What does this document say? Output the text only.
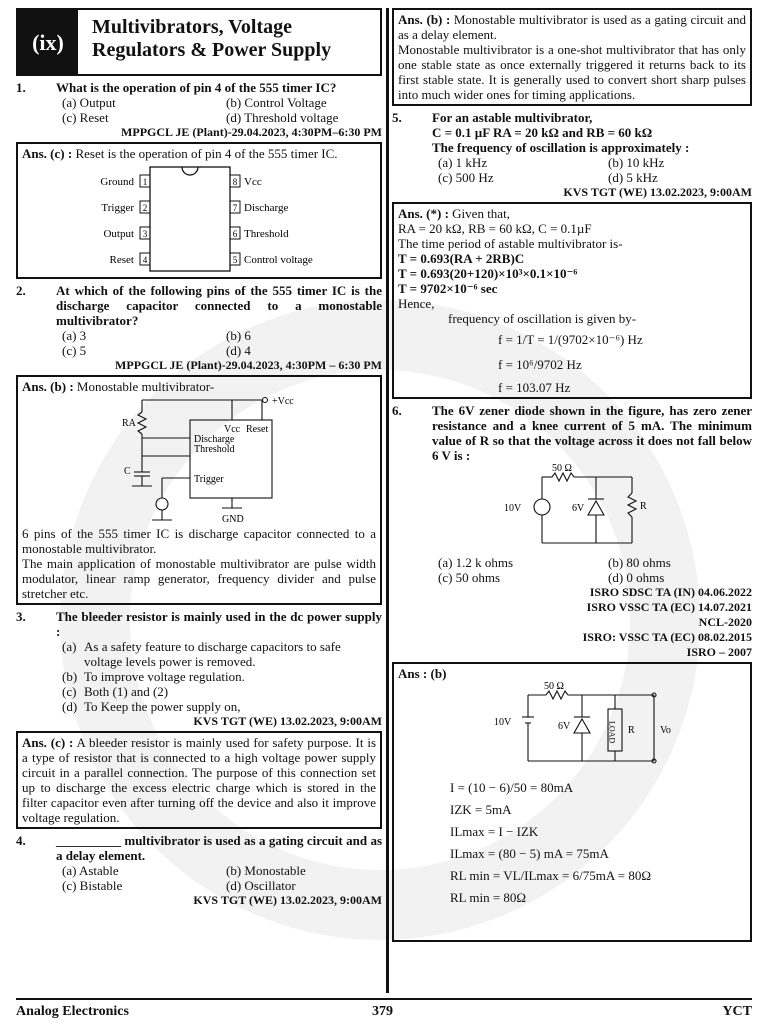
(ix)
Multivibrators, Voltage
Regulators & Power Supply
1.	What is the operation of pin 4 of the 555 timer IC?
(a) Output	(b) Control Voltage
(c) Reset	(d) Threshold voltage
MPPGCL JE (Plant)-29.04.2023, 4:30PM–6:30 PM
Ans. (c) : Reset is the operation of pin 4 of the 555 timer IC.
Ground
Trigger
Output
Reset
1
2
3
4
8
7
6
5
Vcc
Discharge
Threshold
Control voltage
2.	At which of the following pins of the 555 timer IC is the discharge capacitor connected to a monostable multivibrator?
(a) 3	(b) 6
(c) 5	(d) 4
MPPGCL JE (Plant)-29.04.2023, 4:30PM – 6:30 PM
Ans. (b) : Monostable multivibrator-
+Vcc
RA
C
Vcc Reset
Discharge
Threshold
Trigger
GND
6 pins of the 555 timer IC is discharge capacitor connected to a monostable multivibrator.
The main application of monostable multivibrator are pulse width modulator, linear ramp generator, frequency divider and pulse stretcher etc.
3.	The bleeder resistor is mainly used in the dc power supply :
(a) As a safety feature to discharge capacitors to safe voltage levels power is removed.
(b) To improve voltage regulation.
(c) Both (1) and (2)
(d) To Keep the power supply on,
KVS TGT (WE) 13.02.2023, 9:00AM
Ans. (c) : A bleeder resistor is mainly used for safety purpose. It is a type of resistor that is connected to a high voltage power supply circuit in a parallel connection. The purpose of this connection set up to discharge the excess electric charge which is stored in the filter capacitor even after turning off the device and also it improve voltage regulation.
4.	__________ multivibrator is used as a gating circuit and as a delay element.
(a) Astable	(b) Monostable
(c) Bistable	(d) Oscillator
KVS TGT (WE) 13.02.2023, 9:00AM
Ans. (b) : Monostable multivibrator is used as a gating circuit and as a delay element.
Monostable multivibrator is a one-shot multivibrator that has only one stable state as once externally triggered it returns back to its first stable state. It is generally used to convert short sharp pulses into much wider ones for timing applications.
5.	For an astable multivibrator,
C = 0.1 µF RA = 20 kΩ and RB = 60 kΩ
The frequency of oscillation is approximately :
(a) 1 kHz	(b) 10 kHz
(c) 500 Hz	(d) 5 kHz
KVS TGT (WE) 13.02.2023, 9:00AM
Ans. (*) : Given that,
RA = 20 kΩ, RB = 60 kΩ, C = 0.1µF
The time period of astable multivibrator is-
T = 0.693(RA + 2RB)C
T = 0.693(20+120)×10³×0.1×10⁻⁶
T = 9702×10⁻⁶ sec
Hence,
frequency of oscillation is given by-
f = 1/T = 1/(9702×10⁻⁶) Hz
f = 10⁶/9702 Hz
f = 103.07 Hz
6.	The 6V zener diode shown in the figure, has zero zener resistance and a knee current of 5 mA. The minimum value of R so that the voltage across it does not fall below 6 V is :
50 Ω
10V	6V	R
(a) 1.2 k ohms	(b) 80 ohms
(c) 50 ohms	(d) 0 ohms
ISRO SDSC TA (IN) 04.06.2022
ISRO VSSC TA (EC) 14.07.2021
NCL-2020
ISRO: VSSC TA (EC) 08.02.2015
ISRO – 2007
Ans : (b)
50 Ω
10V	6V	LOAD R	Vo
I = (10 − 6)/50 = 80mA
IZK = 5mA
ILmax = I − IZK
ILmax = (80 − 5) mA = 75mA
RL min = VL/ILmax = 6/75mA = 80Ω
RL min = 80Ω
Analog Electronics	379	YCT
